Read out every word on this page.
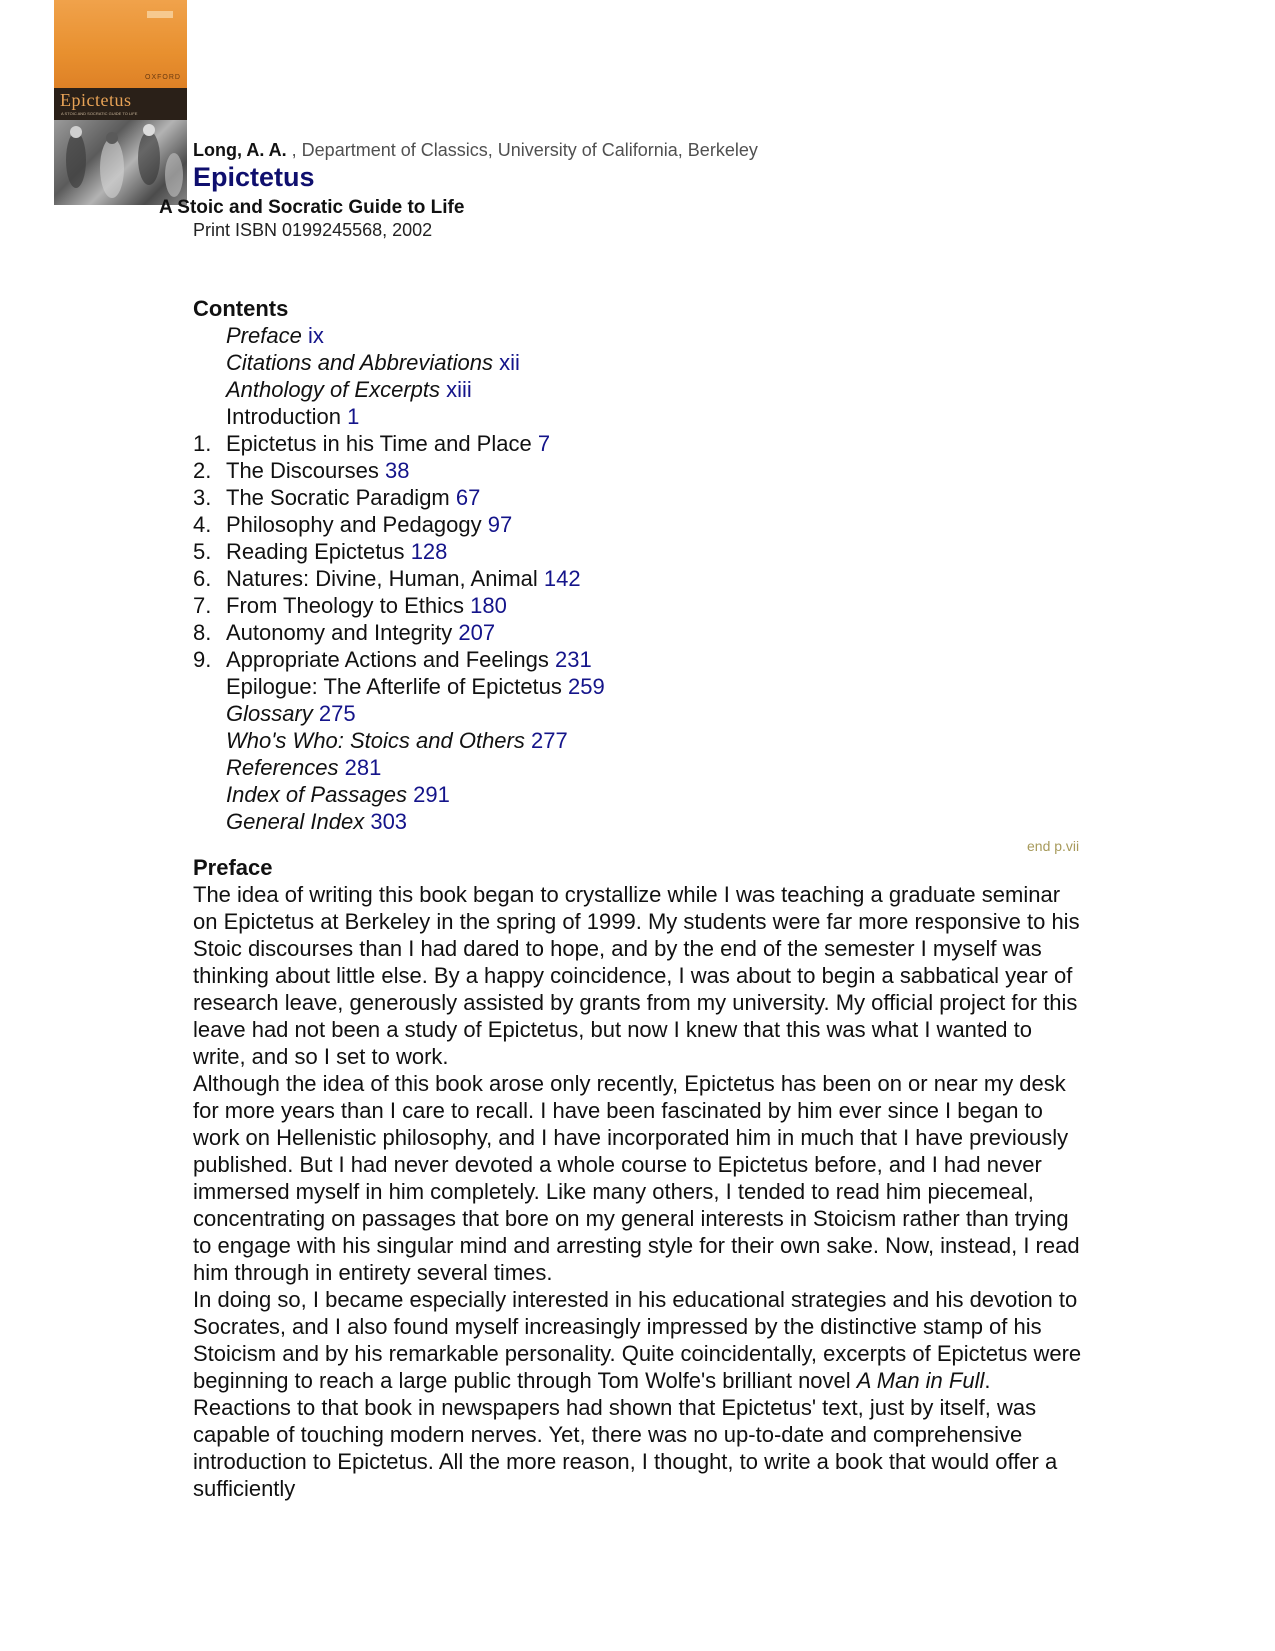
OXFORD
Epictetus
A STOIC AND SOCRATIC GUIDE TO LIFE
Long, A. A. , Department of Classics, University of California, Berkeley
Epictetus
A Stoic and Socratic Guide to Life
Print ISBN 0199245568, 2002
Contents
Preface ix
Citations and Abbreviations xii
Anthology of Excerpts xiii
Introduction 1
1. Epictetus in his Time and Place 7
2. The Discourses 38
3. The Socratic Paradigm 67
4. Philosophy and Pedagogy 97
5. Reading Epictetus 128
6. Natures: Divine, Human, Animal 142
7. From Theology to Ethics 180
8. Autonomy and Integrity 207
9. Appropriate Actions and Feelings 231
Epilogue: The Afterlife of Epictetus 259
Glossary 275
Who's Who: Stoics and Others 277
References 281
Index of Passages 291
General Index 303
end p.vii
Preface

The idea of writing this book began to crystallize while I was teaching a graduate seminar on Epictetus at Berkeley in the spring of 1999. My students were far more responsive to his Stoic discourses than I had dared to hope, and by the end of the semester I myself was thinking about little else. By a happy coincidence, I was about to begin a sabbatical year of research leave, generously assisted by grants from my university. My official project for this leave had not been a study of Epictetus, but now I knew that this was what I wanted to write, and so I set to work.

Although the idea of this book arose only recently, Epictetus has been on or near my desk for more years than I care to recall. I have been fascinated by him ever since I began to work on Hellenistic philosophy, and I have incorporated him in much that I have previously published. But I had never devoted a whole course to Epictetus before, and I had never immersed myself in him completely. Like many others, I tended to read him piecemeal, concentrating on passages that bore on my general interests in Stoicism rather than trying to engage with his singular mind and arresting style for their own sake. Now, instead, I read him through in entirety several times.

In doing so, I became especially interested in his educational strategies and his devotion to Socrates, and I also found myself increasingly impressed by the distinctive stamp of his Stoicism and by his remarkable personality. Quite coincidentally, excerpts of Epictetus were beginning to reach a large public through Tom Wolfe's brilliant novel A Man in Full. Reactions to that book in newspapers had shown that Epictetus' text, just by itself, was capable of touching modern nerves. Yet, there was no up-to-date and comprehensive introduction to Epictetus. All the more reason, I thought, to write a book that would offer a sufficiently
